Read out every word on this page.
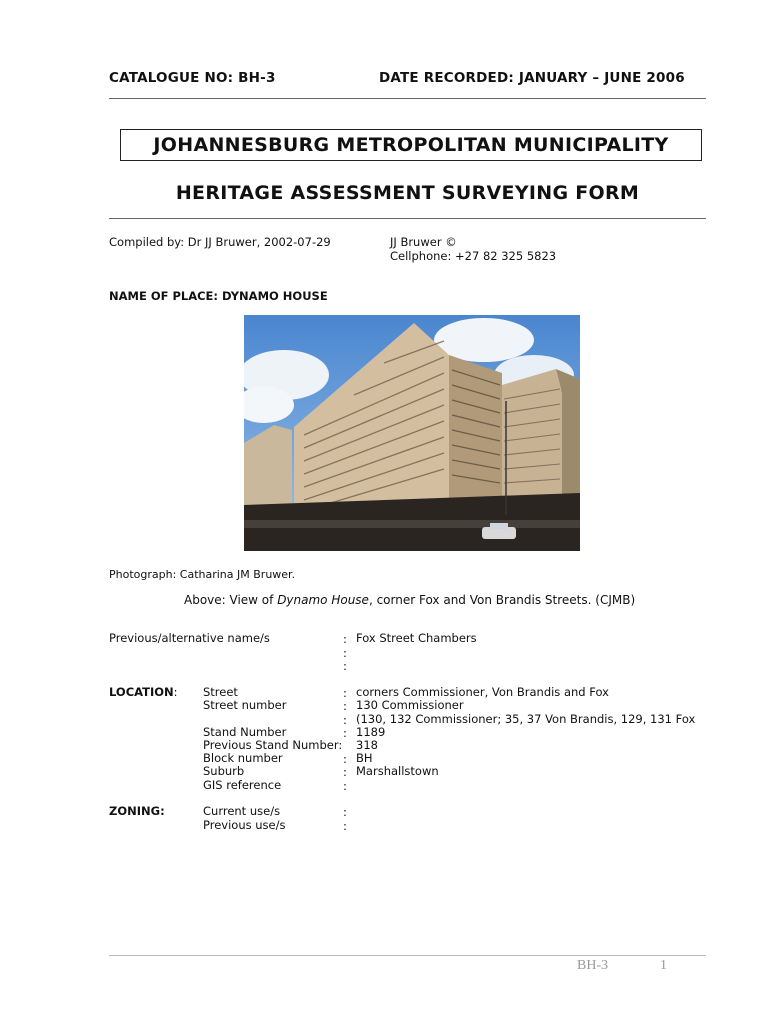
CATALOGUE NO: BH-3	DATE RECORDED: JANUARY – JUNE 2006
JOHANNESBURG METROPOLITAN MUNICIPALITY
HERITAGE ASSESSMENT SURVEYING FORM
Compiled by: Dr JJ Bruwer, 2002-07-29	JJ Bruwer ©
Cellphone: +27 82 325 5823
NAME OF PLACE: DYNAMO HOUSE
Photograph: Catharina JM Bruwer.
Above: View of Dynamo House, corner Fox and Von Brandis Streets. (CJMB)
Previous/alternative name/s	: Fox Street Chambers
:
:
LOCATION: Street	: corners Commissioner, Von Brandis and Fox
Street number	: 130 Commissioner
: (130, 132 Commissioner; 35, 37 Von Brandis, 129, 131 Fox
Stand Number	: 1189
Previous Stand Number: 318
Block number	: BH
Suburb	: Marshallstown
GIS reference	:
ZONING:	Current use/s	:
Previous use/s	:
BH-3	1
